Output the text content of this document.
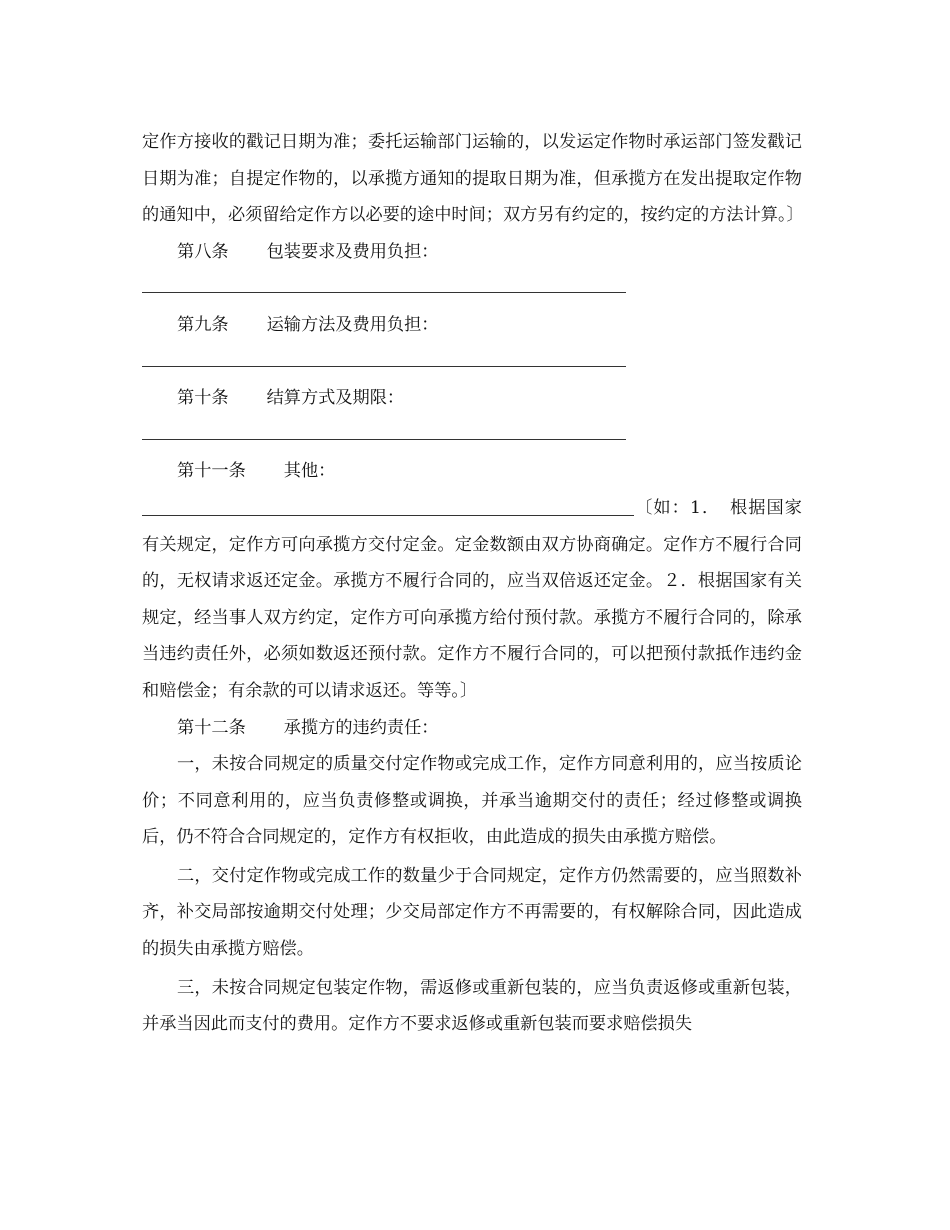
定作方接收的戳记日期为准；委托运输部门运输的，以发运定作物时承运部门签发戳记日期为准；自提定作物的，以承揽方通知的提取日期为准，但承揽方在发出提取定作物的通知中，必须留给定作方以必要的途中时间；双方另有约定的，按约定的方法计算。〕

第八条 包装要求及费用负担：

第九条 运输方法及费用负担：

第十条 结算方式及期限：

第十一条 其他：

〔如：1．　根据国家有关规定，定作方可向承揽方交付定金。定金数额由双方协商确定。定作方不履行合同的，无权请求返还定金。承揽方不履行合同的，应当双倍返还定金。２．根据国家有关规定，经当事人双方约定，定作方可向承揽方给付预付款。承揽方不履行合同的，除承当违约责任外，必须如数返还预付款。定作方不履行合同的，可以把预付款抵作违约金和赔偿金；有余款的可以请求返还。等等。〕

第十二条 承揽方的违约责任：

一，未按合同规定的质量交付定作物或完成工作，定作方同意利用的，应当按质论价；不同意利用的，应当负责修整或调换，并承当逾期交付的责任；经过修整或调换后，仍不符合合同规定的，定作方有权拒收，由此造成的损失由承揽方赔偿。

二，交付定作物或完成工作的数量少于合同规定，定作方仍然需要的，应当照数补齐，补交局部按逾期交付处理；少交局部定作方不再需要的，有权解除合同，因此造成的损失由承揽方赔偿。

三，未按合同规定包装定作物，需返修或重新包装的，应当负责返修或重新包装，并承当因此而支付的费用。定作方不要求返修或重新包装而要求赔偿损失
